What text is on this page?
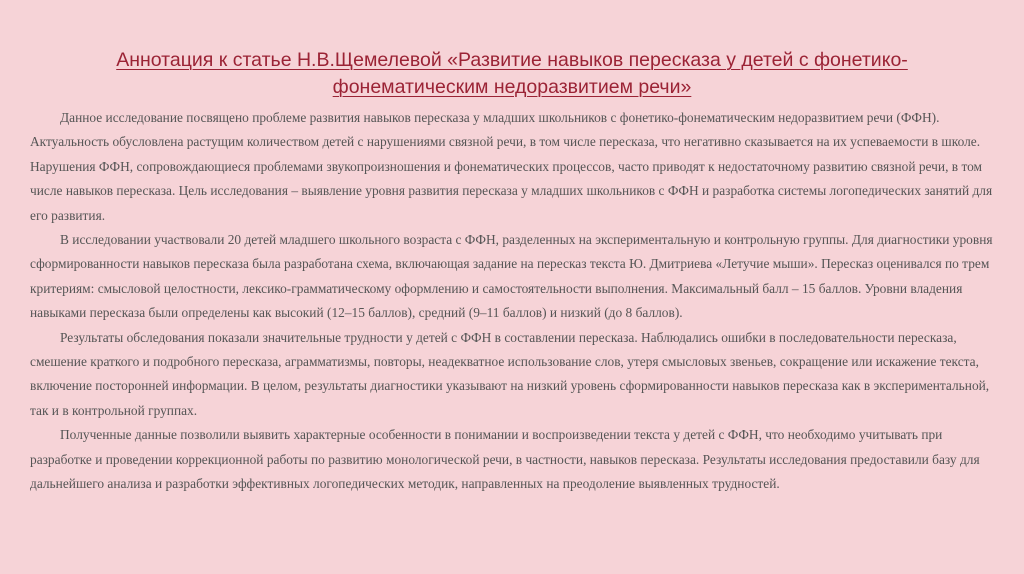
Аннотация к статье Н.В.Щемелевой «Развитие навыков пересказа у детей с фонетико-фонематическим недоразвитием речи»

Данное исследование посвящено проблеме развития навыков пересказа у младших школьников с фонетико-фонематическим недоразвитием речи (ФФН). Актуальность обусловлена растущим количеством детей с нарушениями связной речи, в том числе пересказа, что негативно сказывается на их успеваемости в школе. Нарушения ФФН, сопровождающиеся проблемами звукопроизношения и фонематических процессов, часто приводят к недостаточному развитию связной речи, в том числе навыков пересказа. Цель исследования – выявление уровня развития пересказа у младших школьников с ФФН и разработка системы логопедических занятий для его развития.

В исследовании участвовали 20 детей младшего школьного возраста с ФФН, разделенных на экспериментальную и контрольную группы. Для диагностики уровня сформированности навыков пересказа была разработана схема, включающая задание на пересказ текста Ю. Дмитриева «Летучие мыши». Пересказ оценивался по трем критериям: смысловой целостности, лексико-грамматическому оформлению и самостоятельности выполнения. Максимальный балл – 15 баллов. Уровни владения навыками пересказа были определены как высокий (12–15 баллов), средний (9–11 баллов) и низкий (до 8 баллов).

Результаты обследования показали значительные трудности у детей с ФФН в составлении пересказа. Наблюдались ошибки в последовательности пересказа, смешение краткого и подробного пересказа, аграмматизмы, повторы, неадекватное использование слов, утеря смысловых звеньев, сокращение или искажение текста, включение посторонней информации. В целом, результаты диагностики указывают на низкий уровень сформированности навыков пересказа как в экспериментальной, так и в контрольной группах.

Полученные данные позволили выявить характерные особенности в понимании и воспроизведении текста у детей с ФФН, что необходимо учитывать при разработке и проведении коррекционной работы по развитию монологической речи, в частности, навыков пересказа. Результаты исследования предоставили базу для дальнейшего анализа и разработки эффективных логопедических методик, направленных на преодоление выявленных трудностей.
